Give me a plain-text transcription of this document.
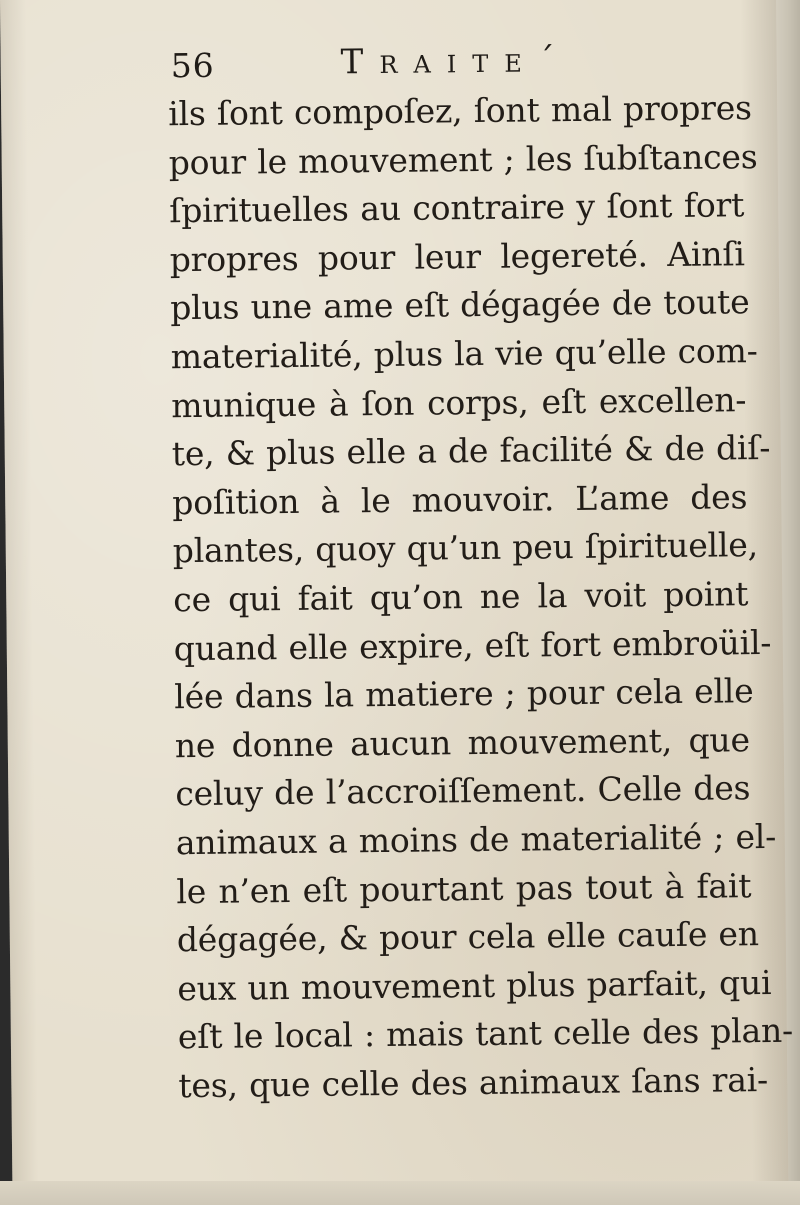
56	Traite´
ils ſont compoſez, ſont mal propres
pour le mouvement ; les ſubſtances
ſpirituelles au contraire y ſont fort
propres pour leur legereté. Ainſi
plus une ame eſt dégagée de toute
materialité, plus la vie qu’elle com-
munique à ſon corps, eſt excellen-
te, & plus elle a de facilité & de diſ-
poſition à le mouvoir. L’ame des
plantes, quoy qu’un peu ſpirituelle,
ce qui fait qu’on ne la voit point
quand elle expire, eſt fort embroüil-
lée dans la matiere ; pour cela elle
ne donne aucun mouvement, que
celuy de l’accroiſſement. Celle des
animaux a moins de materialité ; el-
le n’en eſt pourtant pas tout à fait
dégagée, & pour cela elle cauſe en
eux un mouvement plus parfait, qui
eſt le local : mais tant celle des plan-
tes, que celle des animaux ſans rai-
